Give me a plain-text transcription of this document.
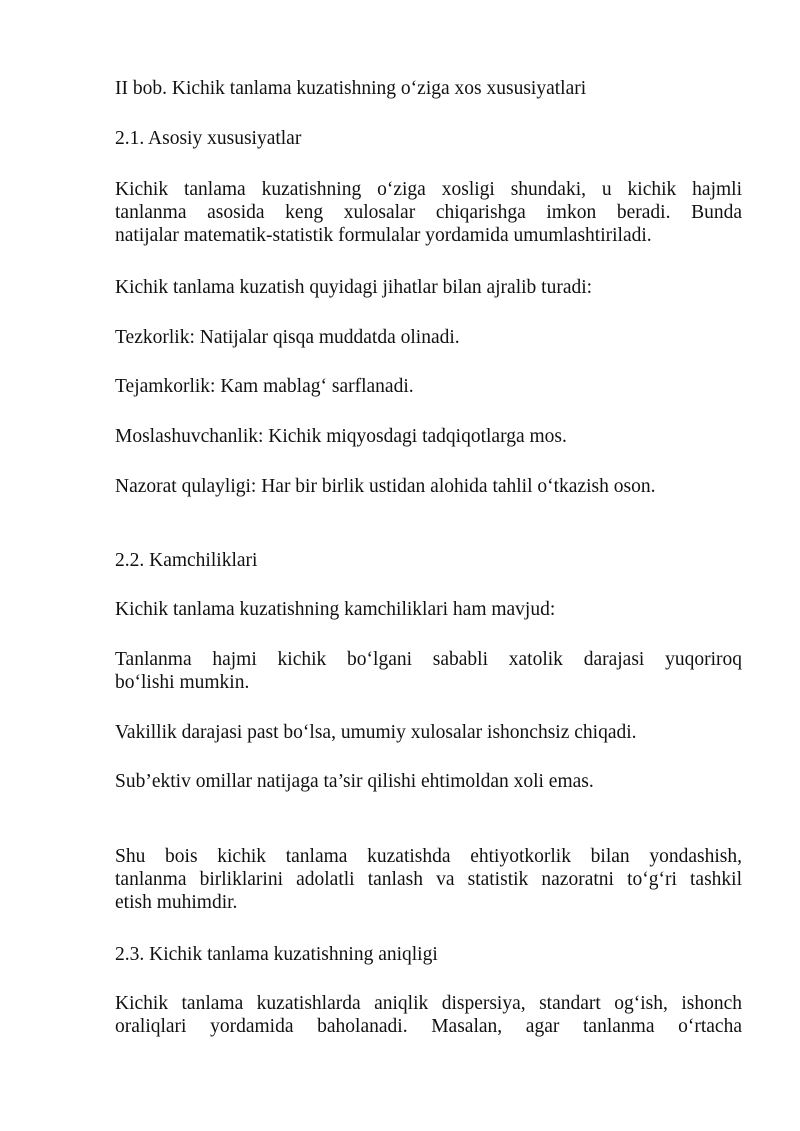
II bob. Kichik tanlama kuzatishning o‘ziga xos xususiyatlari
2.1. Asosiy xususiyatlar
Kichik tanlama kuzatishning o‘ziga xosligi shundaki, u kichik hajmli
tanlanma asosida keng xulosalar chiqarishga imkon beradi. Bunda
natijalar matematik-statistik formulalar yordamida umumlashtiriladi.
Kichik tanlama kuzatish quyidagi jihatlar bilan ajralib turadi:
Tezkorlik: Natijalar qisqa muddatda olinadi.
Tejamkorlik: Kam mablag‘ sarflanadi.
Moslashuvchanlik: Kichik miqyosdagi tadqiqotlarga mos.
Nazorat qulayligi: Har bir birlik ustidan alohida tahlil o‘tkazish oson.
2.2. Kamchiliklari
Kichik tanlama kuzatishning kamchiliklari ham mavjud:
Tanlanma hajmi kichik bo‘lgani sababli xatolik darajasi yuqoriroq
bo‘lishi mumkin.
Vakillik darajasi past bo‘lsa, umumiy xulosalar ishonchsiz chiqadi.
Sub’ektiv omillar natijaga ta’sir qilishi ehtimoldan xoli emas.
Shu bois kichik tanlama kuzatishda ehtiyotkorlik bilan yondashish,
tanlanma birliklarini adolatli tanlash va statistik nazoratni to‘g‘ri tashkil
etish muhimdir.
2.3. Kichik tanlama kuzatishning aniqligi
Kichik tanlama kuzatishlarda aniqlik dispersiya, standart og‘ish, ishonch
oraliqlari yordamida baholanadi. Masalan, agar tanlanma o‘rtacha
